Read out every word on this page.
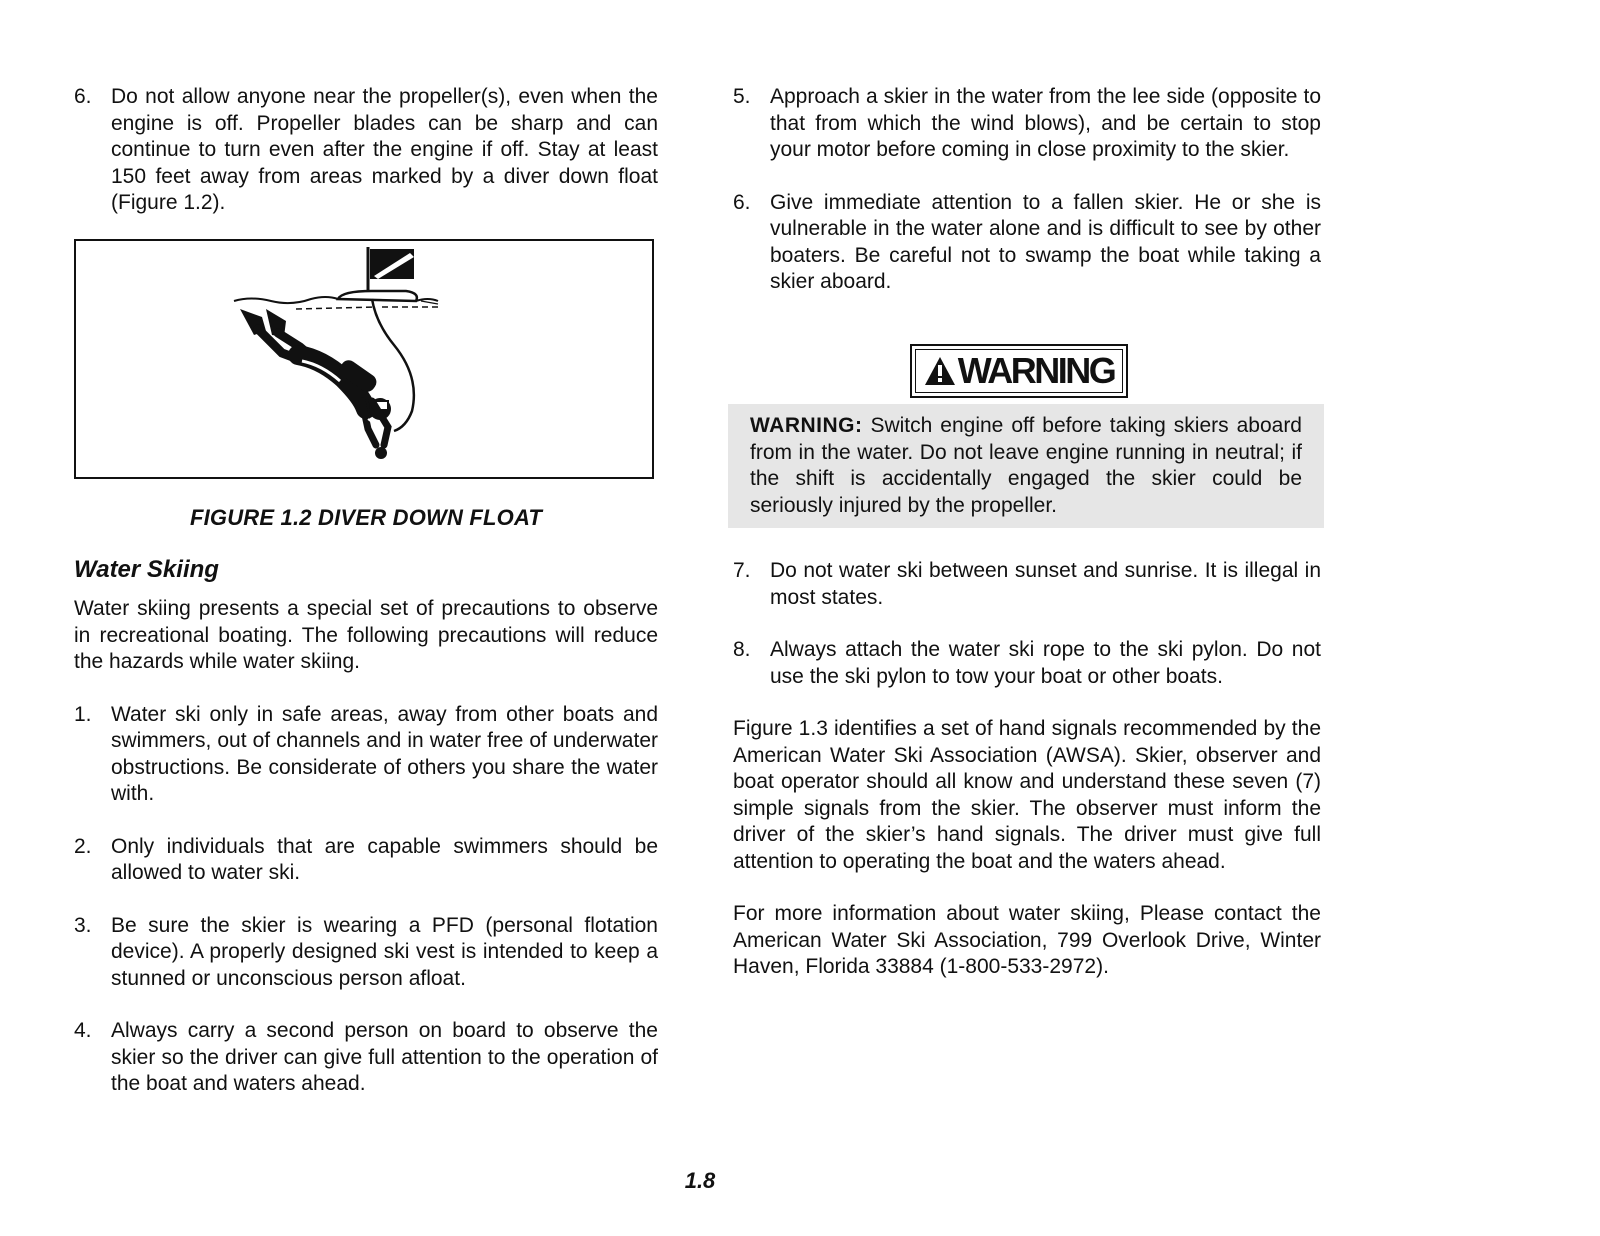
6. Do not allow anyone near the propeller(s), even when the engine is off. Propeller blades can be sharp and can continue to turn even after the engine if off. Stay at least 150 feet away from areas marked by a diver down float (Figure 1.2).
FIGURE 1.2 DIVER DOWN FLOAT
Water Skiing

Water skiing presents a special set of precautions to observe in recreational boating. The following precautions will reduce the hazards while water skiing.

1. Water ski only in safe areas, away from other boats and swimmers, out of channels and in water free of underwater obstructions. Be considerate of others you share the water with.
2. Only individuals that are capable swimmers should be allowed to water ski.
3. Be sure the skier is wearing a PFD (personal flotation device). A properly designed ski vest is intended to keep a stunned or unconscious person afloat.
4. Always carry a second person on board to observe the skier so the driver can give full attention to the operation of the boat and waters ahead.
5. Approach a skier in the water from the lee side (opposite to that from which the wind blows), and be certain to stop your motor before coming in close proximity to the skier.
6. Give immediate attention to a fallen skier. He or she is vulnerable in the water alone and is difficult to see by other boaters. Be careful not to swamp the boat while taking a skier aboard.
WARNING
WARNING: Switch engine off before taking skiers aboard from in the water. Do not leave engine running in neutral; if the shift is accidentally engaged the skier could be seriously injured by the propeller.
7. Do not water ski between sunset and sunrise. It is illegal in most states.
8. Always attach the water ski rope to the ski pylon. Do not use the ski pylon to tow your boat or other boats.

Figure 1.3 identifies a set of hand signals recommended by the American Water Ski Association (AWSA). Skier, observer and boat operator should all know and understand these seven (7) simple signals from the skier. The observer must inform the driver of the skier’s hand signals. The driver must give full attention to operating the boat and the waters ahead.

For more information about water skiing, Please contact the American Water Ski Association, 799 Overlook Drive, Winter Haven, Florida 33884 (1-800-533-2972).

1.8
